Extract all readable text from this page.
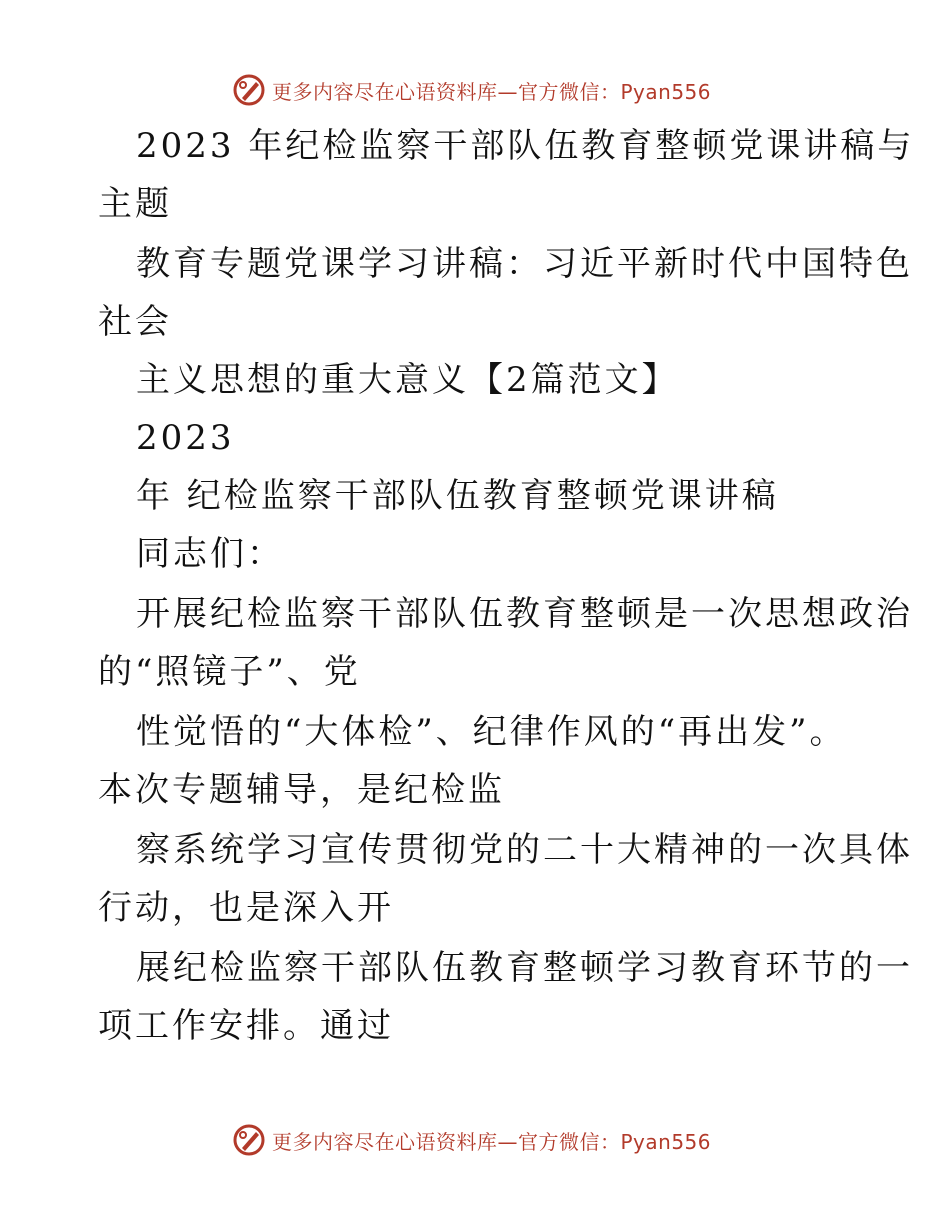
更多内容尽在心语资料库—官方微信：Pyan556
2023 年纪检监察干部队伍教育整顿党课讲稿与
主题
教育专题党课学习讲稿：习近平新时代中国特色
社会
主义思想的重大意义【2篇范文】
2023
年 纪检监察干部队伍教育整顿党课讲稿
同志们：
开展纪检监察干部队伍教育整顿是一次思想政治
的“照镜子”、党
性觉悟的“大体检”、纪律作风的“再出发”。
本次专题辅导，是纪检监
察系统学习宣传贯彻党的二十大精神的一次具体
行动，也是深入开
展纪检监察干部队伍教育整顿学习教育环节的一
项工作安排。通过
更多内容尽在心语资料库—官方微信：Pyan556
